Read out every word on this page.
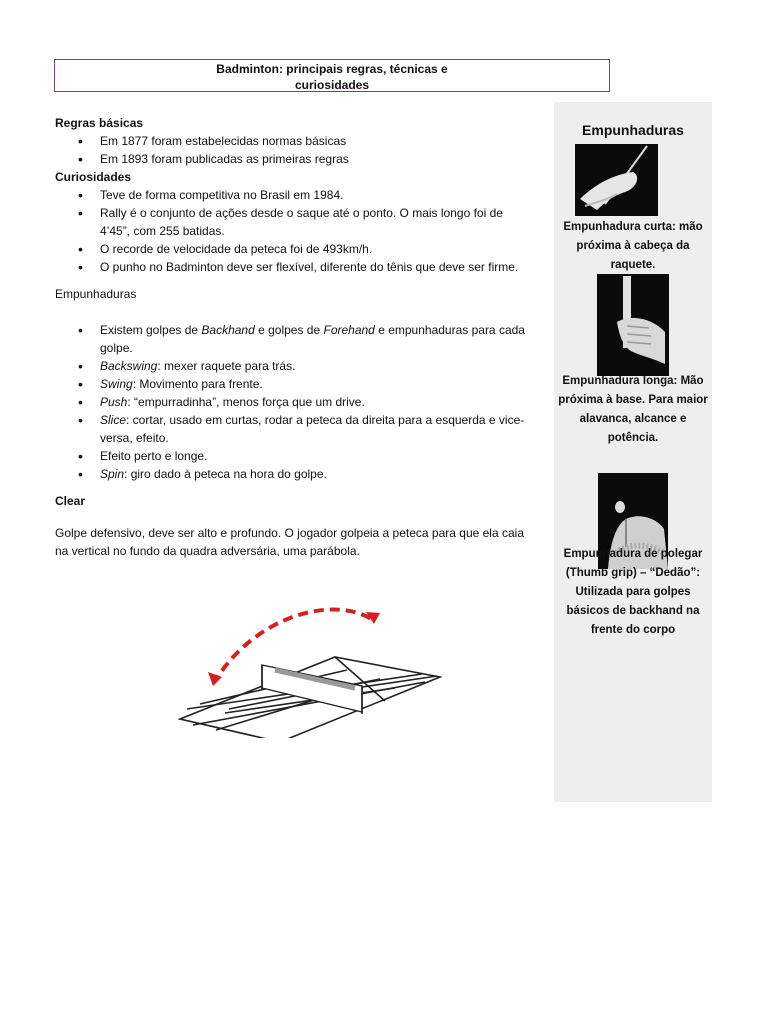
Badminton: principais regras, técnicas e
curiosidades

Regras básicas

• Em 1877 foram estabelecidas normas básicas
• Em 1893 foram publicadas as primeiras regras

Curiosidades

• Teve de forma competitiva no Brasil em 1984.
• Rally é o conjunto de ações desde o saque até o ponto. O mais longo foi de 4’45”, com 255 batidas.
• O recorde de velocidade da peteca foi de 493km/h.
• O punho no Badminton deve ser flexível, diferente do tênis que deve ser firme.

Empunhaduras

• Existem golpes de Backhand e golpes de Forehand e empunhaduras para cada golpe.
• Backswing: mexer raquete para trás.
• Swing: Movimento para frente.
• Push: “empurradinha”, menos força que um drive.
• Slice: cortar, usado em curtas, rodar a peteca da direita para a esquerda e vice-versa, efeito.
• Efeito perto e longe.
• Spin: giro dado à peteca na hora do golpe.

Clear

Golpe defensivo, deve ser alto e profundo. O jogador golpeia a peteca para que ela caia na vertical no fundo da quadra adversária, uma parábola.

Empunhaduras
Empunhadura curta: mão próxima à cabeça da raquete.
Empunhadura longa: Mão próxima à base. Para maior alavanca, alcance e potência.
Empunhadura de polegar (Thumb grip) – “Dedão”: Utilizada para golpes básicos de backhand na frente do corpo
